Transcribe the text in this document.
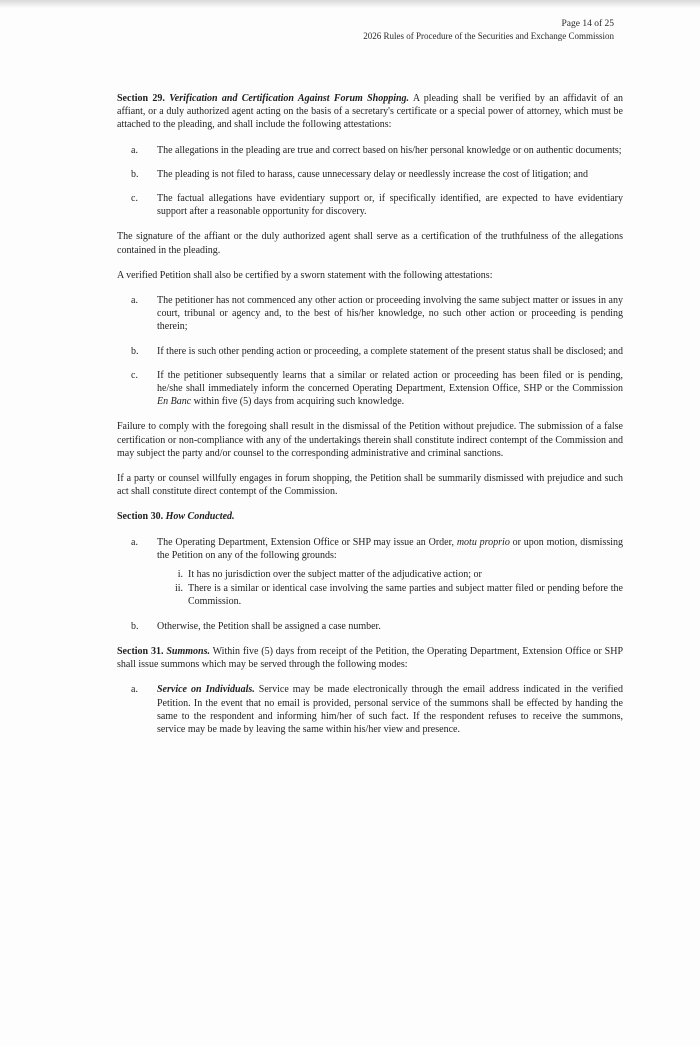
Page 14 of 25
2026 Rules of Procedure of the Securities and Exchange Commission

Section 29. Verification and Certification Against Forum Shopping. A pleading shall be verified by an affidavit of an affiant, or a duly authorized agent acting on the basis of a secretary's certificate or a special power of attorney, which must be attached to the pleading, and shall include the following attestations:

a. The allegations in the pleading are true and correct based on his/her personal knowledge or on authentic documents;
b. The pleading is not filed to harass, cause unnecessary delay or needlessly increase the cost of litigation; and
c. The factual allegations have evidentiary support or, if specifically identified, are expected to have evidentiary support after a reasonable opportunity for discovery.

The signature of the affiant or the duly authorized agent shall serve as a certification of the truthfulness of the allegations contained in the pleading.

A verified Petition shall also be certified by a sworn statement with the following attestations:

a. The petitioner has not commenced any other action or proceeding involving the same subject matter or issues in any court, tribunal or agency and, to the best of his/her knowledge, no such other action or proceeding is pending therein;
b. If there is such other pending action or proceeding, a complete statement of the present status shall be disclosed; and
c. If the petitioner subsequently learns that a similar or related action or proceeding has been filed or is pending, he/she shall immediately inform the concerned Operating Department, Extension Office, SHP or the Commission En Banc within five (5) days from acquiring such knowledge.

Failure to comply with the foregoing shall result in the dismissal of the Petition without prejudice. The submission of a false certification or non-compliance with any of the undertakings therein shall constitute indirect contempt of the Commission and may subject the party and/or counsel to the corresponding administrative and criminal sanctions.

If a party or counsel willfully engages in forum shopping, the Petition shall be summarily dismissed with prejudice and such act shall constitute direct contempt of the Commission.

Section 30. How Conducted.

a. The Operating Department, Extension Office or SHP may issue an Order, motu proprio or upon motion, dismissing the Petition on any of the following grounds:
i. It has no jurisdiction over the subject matter of the adjudicative action; or
ii. There is a similar or identical case involving the same parties and subject matter filed or pending before the Commission.
b. Otherwise, the Petition shall be assigned a case number.

Section 31. Summons. Within five (5) days from receipt of the Petition, the Operating Department, Extension Office or SHP shall issue summons which may be served through the following modes:

a. Service on Individuals. Service may be made electronically through the email address indicated in the verified Petition. In the event that no email is provided, personal service of the summons shall be effected by handing the same to the respondent and informing him/her of such fact. If the respondent refuses to receive the summons, service may be made by leaving the same within his/her view and presence.
